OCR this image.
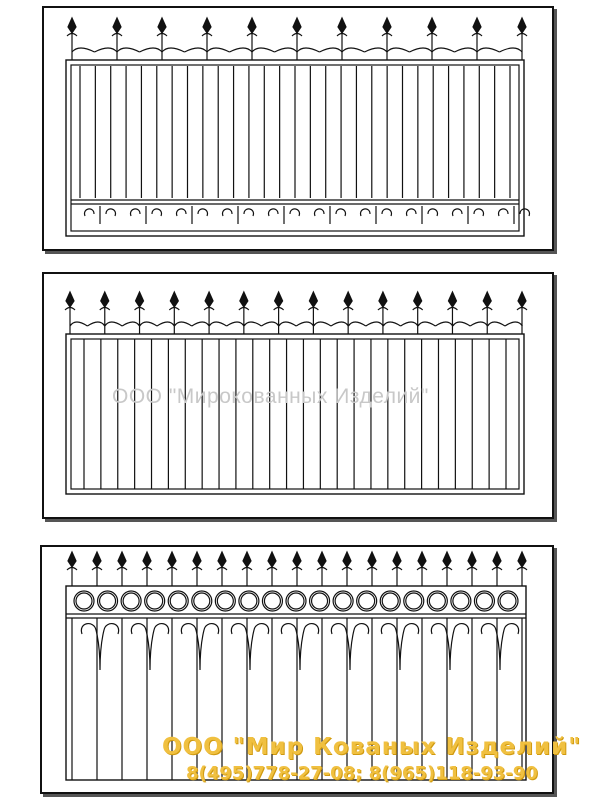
ООО "Мирокованных Изделий"
ООО "Мир Кованых Изделий"
8(495)778-27-08; 8(965)118-93-90
